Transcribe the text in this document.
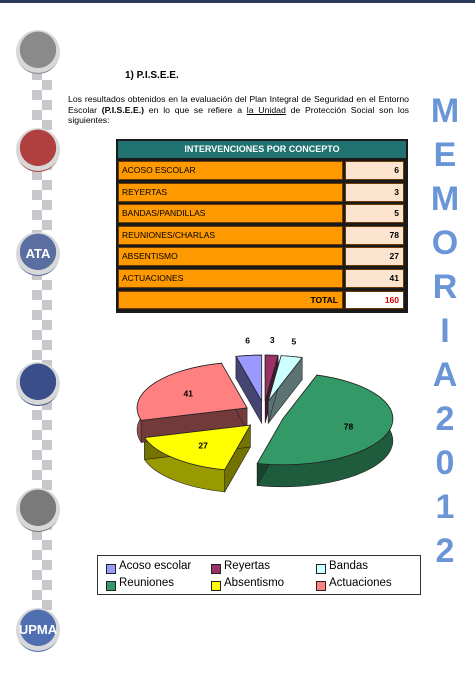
ATA
UPMA
1) P.I.S.E.E.

Los resultados obtenidos en la evaluación del Plan Integral de Seguridad en el Entorno Escolar (P.I.S.E.E.) en lo que se refiere a la Unidad de Protección Social son los siguientes:

INTERVENCIONES POR CONCEPTO
ACOSO ESCOLAR	6
REYERTAS	3
BANDAS/PANDILLAS	5
REUNIONES/CHARLAS	78
ABSENTISMO	27
ACTUACIONES	41
TOTAL	160
M
E
M
O
R
I
A
2
0
1
2
6 3 5
78
27
41
Acoso escolar	Reyertas	Bandas
Reuniones	Absentismo	Actuaciones
